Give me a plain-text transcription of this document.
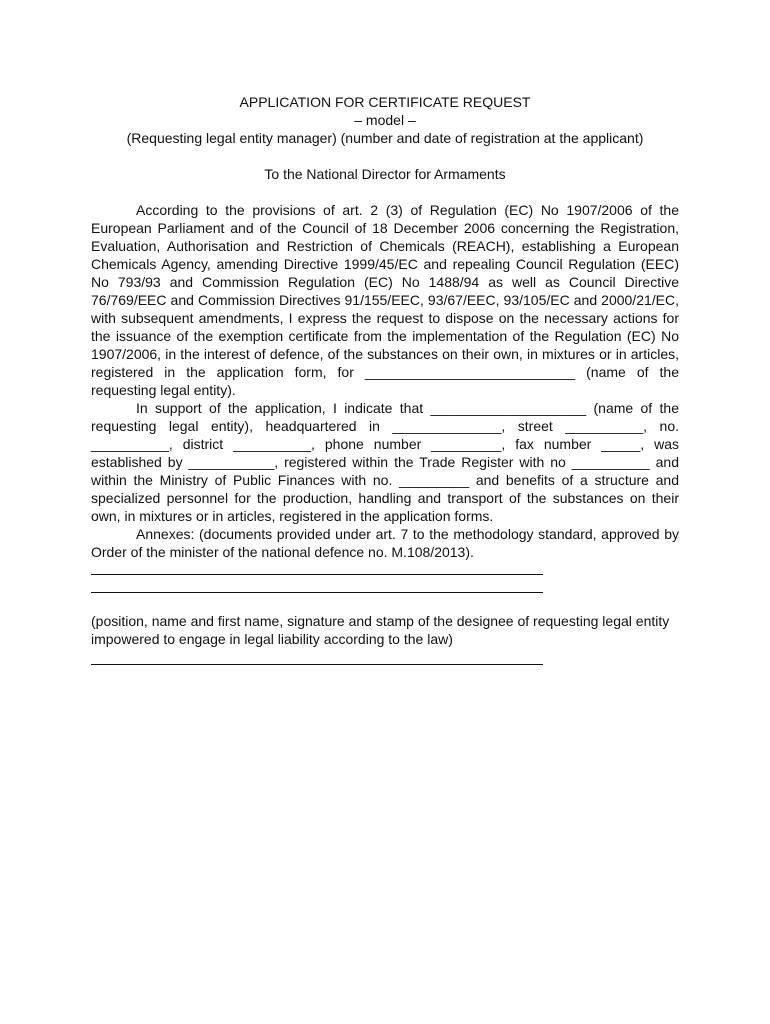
APPLICATION FOR CERTIFICATE REQUEST
– model –
(Requesting legal entity manager) (number and date of registration at the applicant)
To the National Director for Armaments

According to the provisions of art. 2 (3) of Regulation (EC) No 1907/2006 of the European Parliament and of the Council of 18 December 2006 concerning the Registration, Evaluation, Authorisation and Restriction of Chemicals (REACH), establishing a European Chemicals Agency, amending Directive 1999/45/EC and repealing Council Regulation (EEC) No 793/93 and Commission Regulation (EC) No 1488/94 as well as Council Directive 76/769/EEC and Commission Directives 91/155/EEC, 93/67/EEC, 93/105/EC and 2000/21/EC, with subsequent amendments, I express the request to dispose on the necessary actions for the issuance of the exemption certificate from the implementation of the Regulation (EC) No 1907/2006, in the interest of defence, of the substances on their own, in mixtures or in articles, registered in the application form, for ___________________________ (name of the requesting legal entity).

In support of the application, I indicate that ____________________ (name of the requesting legal entity), headquartered in ______________, street __________, no. __________, district __________, phone number _________, fax number _____, was established by ___________, registered within the Trade Register with no __________ and within the Ministry of Public Finances with no. _________ and benefits of a structure and specialized personnel for the production, handling and transport of the substances on their own, in mixtures or in articles, registered in the application forms.

Annexes: (documents provided under art. 7 to the methodology standard, approved by Order of the minister of the national defence no. M.108/2013).

(position, name and first name, signature and stamp of the designee of requesting legal entity impowered to engage in legal liability according to the law)
